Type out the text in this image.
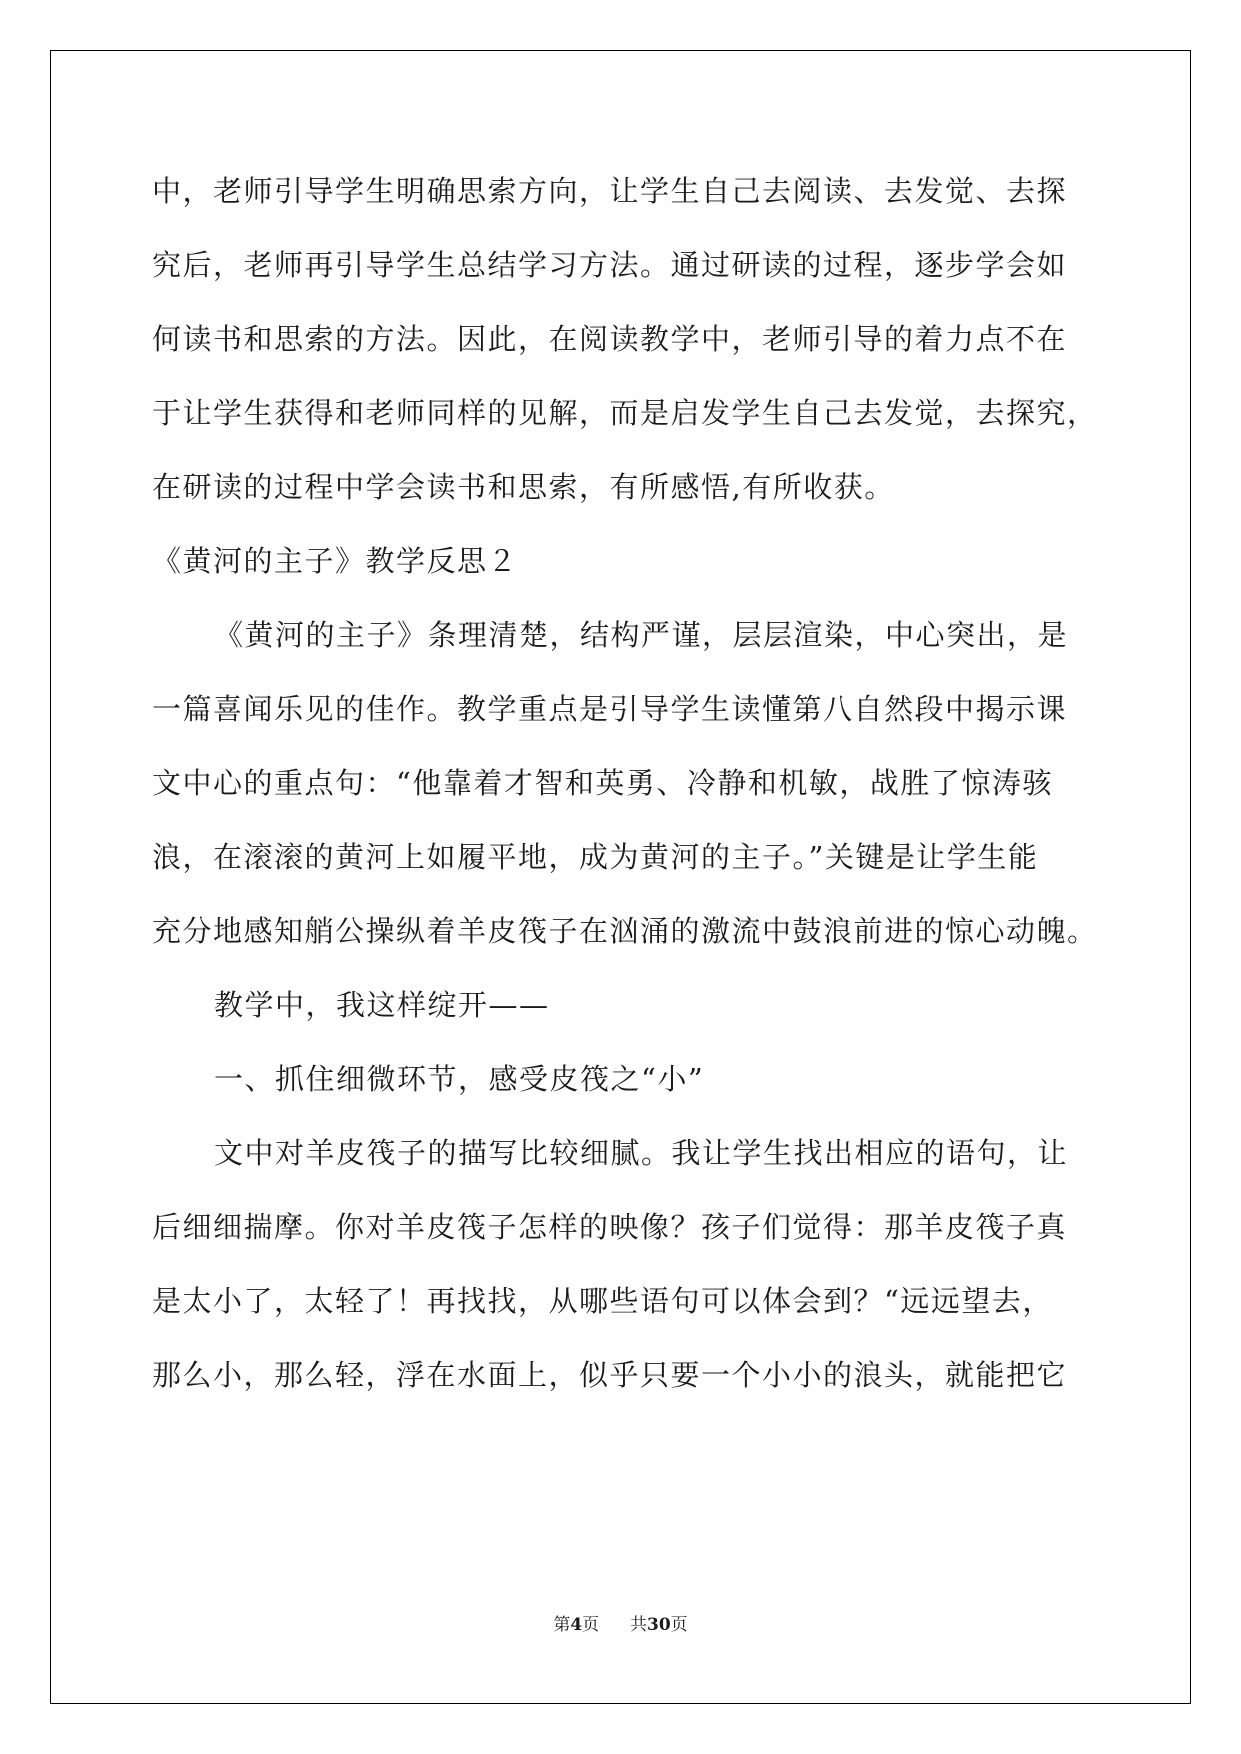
中，老师引导学生明确思索方向，让学生自己去阅读、去发觉、去探
究后，老师再引导学生总结学习方法。通过研读的过程，逐步学会如
何读书和思索的方法。因此，在阅读教学中，老师引导的着力点不在
于让学生获得和老师同样的见解，而是启发学生自己去发觉，去探究，
在研读的过程中学会读书和思索，有所感悟,有所收获。
《黄河的主子》教学反思２
《黄河的主子》条理清楚，结构严谨，层层渲染，中心突出，是
一篇喜闻乐见的佳作。教学重点是引导学生读懂第八自然段中揭示课
文中心的重点句：“他靠着才智和英勇、冷静和机敏，战胜了惊涛骇
浪，在滚滚的黄河上如履平地，成为黄河的主子。”关键是让学生能
充分地感知艄公操纵着羊皮筏子在汹涌的激流中鼓浪前进的惊心动魄。
教学中，我这样绽开——
一、抓住细微环节，感受皮筏之“小”
文中对羊皮筏子的描写比较细腻。我让学生找出相应的语句，让
后细细揣摩。你对羊皮筏子怎样的映像？孩子们觉得：那羊皮筏子真
是太小了，太轻了！再找找，从哪些语句可以体会到？“远远望去，
那么小，那么轻，浮在水面上，似乎只要一个小小的浪头，就能把它
第4页 共30页
